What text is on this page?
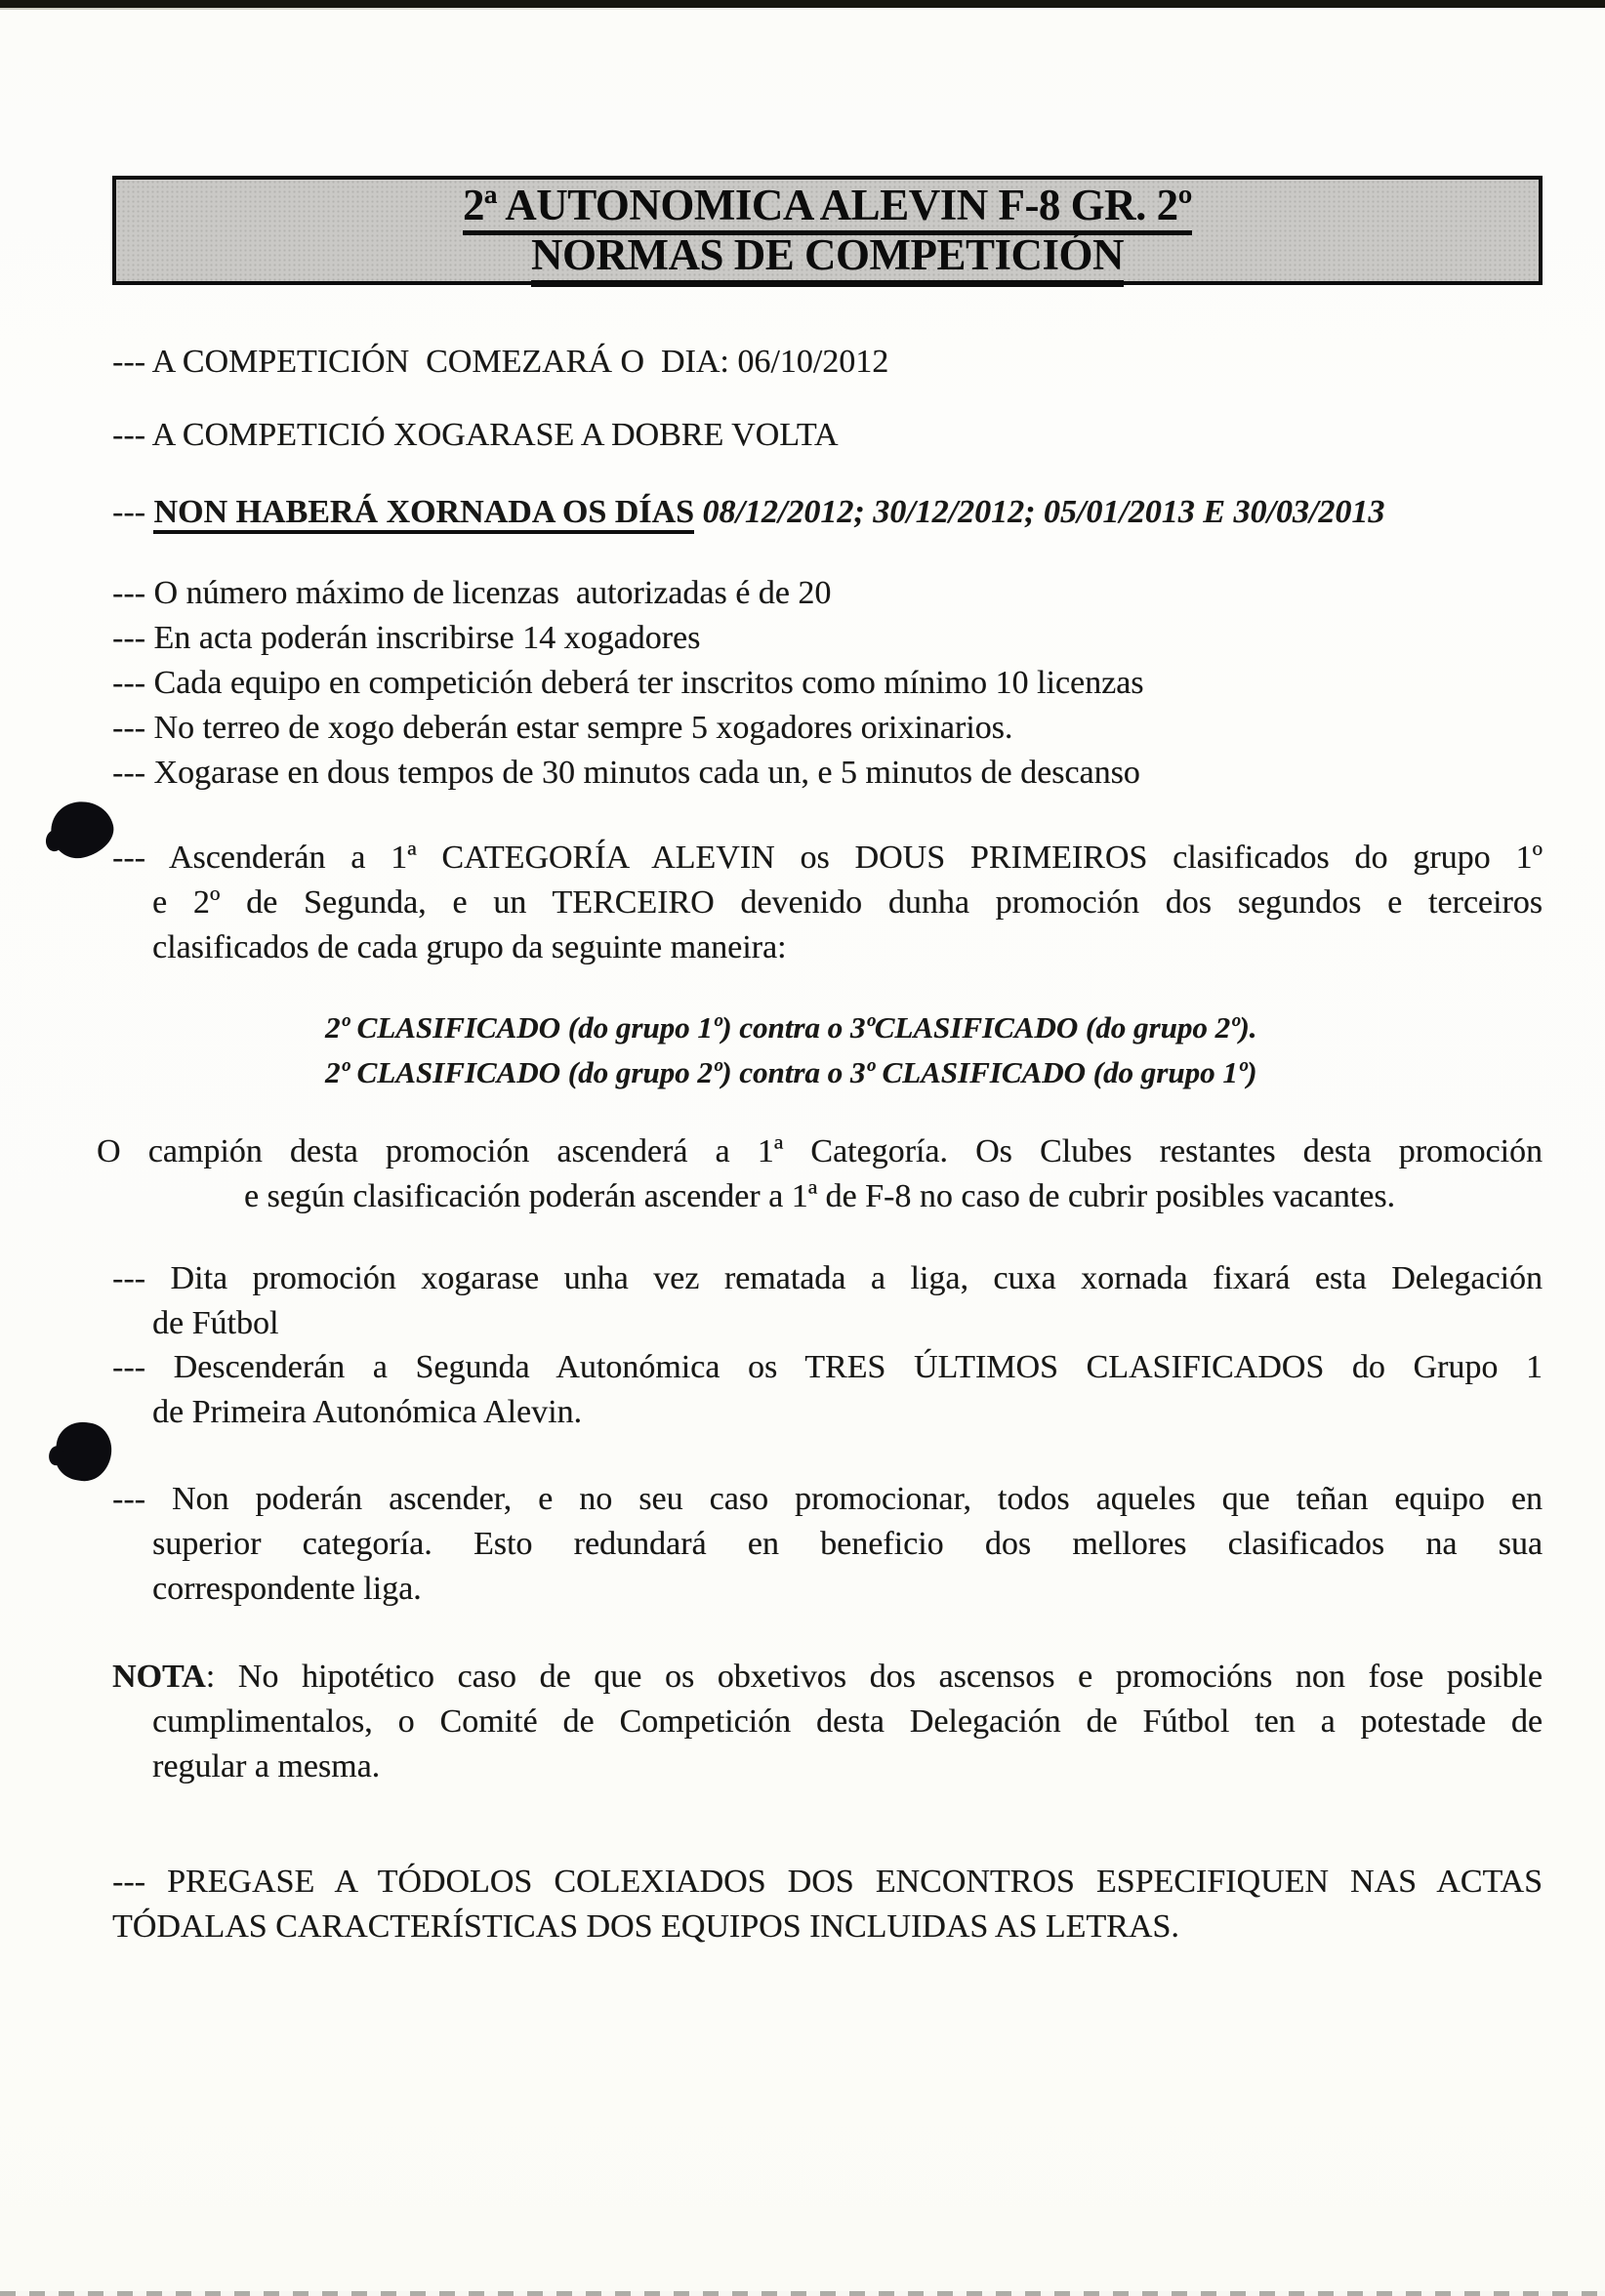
2ª AUTONOMICA ALEVIN F-8 GR. 2º
NORMAS DE COMPETICIÓN
--- A COMPETICIÓN  COMEZARÁ O  DIA: 06/10/2012
--- A COMPETICIÓ XOGARASE A DOBRE VOLTA
--- NON HABERÁ XORNADA OS DÍAS 08/12/2012; 30/12/2012; 05/01/2013 E 30/03/2013
--- O número máximo de licenzas  autorizadas é de 20
--- En acta poderán inscribirse 14 xogadores
--- Cada equipo en competición deberá ter inscritos como mínimo 10 licenzas
--- No terreo de xogo deberán estar sempre 5 xogadores orixinarios.
--- Xogarase en dous tempos de 30 minutos cada un, e 5 minutos de descanso
--- Ascenderán a 1ª CATEGORÍA ALEVIN os DOUS PRIMEIROS clasificados do grupo 1º
e 2º de Segunda, e un TERCEIRO devenido dunha promoción dos segundos e terceiros
clasificados de cada grupo da seguinte maneira:
2º CLASIFICADO (do grupo 1º) contra o 3ºCLASIFICADO (do grupo 2º).
2º CLASIFICADO (do grupo 2º) contra o 3º CLASIFICADO (do grupo 1º)
O campión desta promoción ascenderá a 1ª Categoría. Os Clubes restantes desta promoción
e según clasificación poderán ascender a 1ª de F-8 no caso de cubrir posibles vacantes.
--- Dita promoción xogarase unha vez rematada a liga, cuxa xornada fixará esta Delegación
de Fútbol
--- Descenderán a Segunda Autonómica os TRES ÚLTIMOS CLASIFICADOS do Grupo 1
de Primeira Autonómica Alevin.
--- Non poderán ascender, e no seu caso promocionar, todos aqueles que teñan equipo en
superior categoría. Esto redundará en beneficio dos mellores clasificados na sua
correspondente liga.
NOTA: No hipotético caso de que os obxetivos dos ascensos e promocións non fose posible
cumplimentalos, o Comité de Competición desta Delegación de Fútbol ten a potestade de
regular a mesma.
--- PREGASE A TÓDOLOS COLEXIADOS DOS ENCONTROS ESPECIFIQUEN NAS ACTAS
TÓDALAS CARACTERÍSTICAS DOS EQUIPOS INCLUIDAS AS LETRAS.
